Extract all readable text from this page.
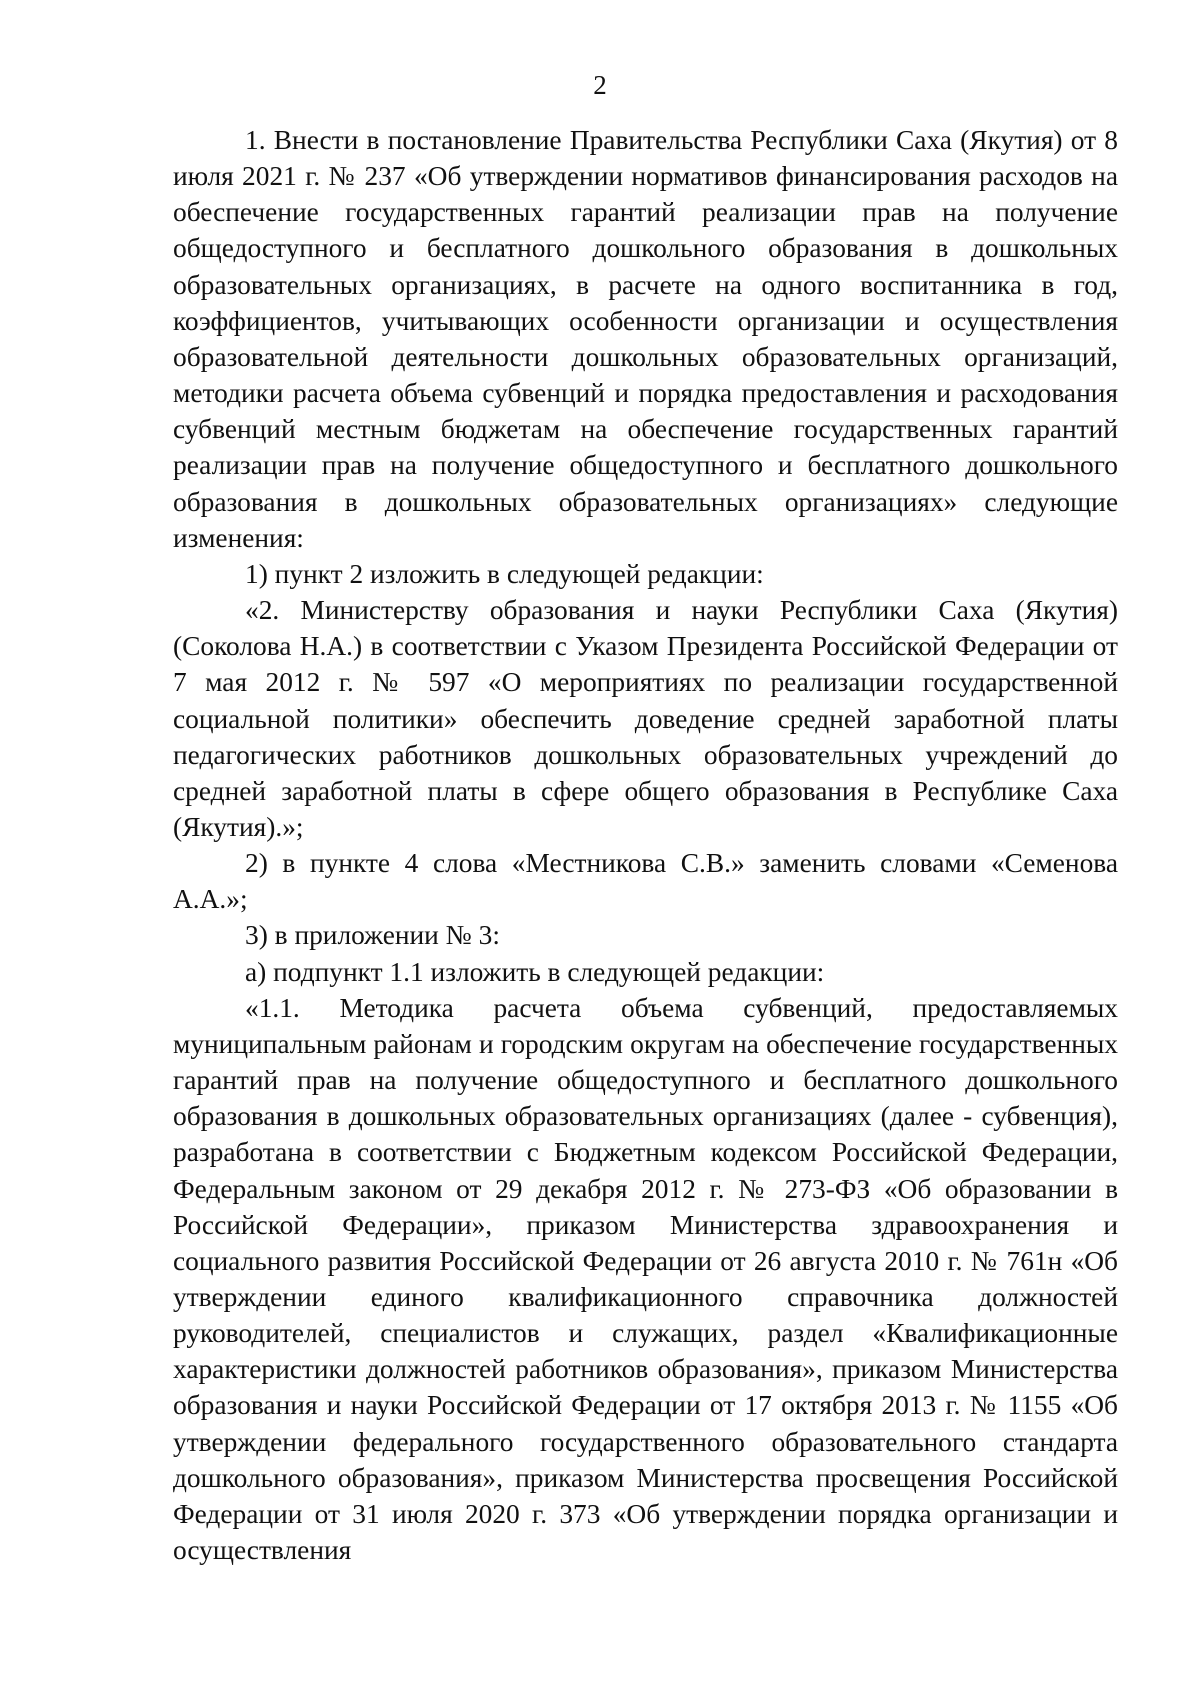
2

1. Внести в постановление Правительства Республики Саха (Якутия) от 8 июля 2021 г. № 237 «Об утверждении нормативов финансирования расходов на обеспечение государственных гарантий реализации прав на получение общедоступного и бесплатного дошкольного образования в дошкольных образовательных организациях, в расчете на одного воспитанника в год, коэффициентов, учитывающих особенности организации и осуществления образовательной деятельности дошкольных образовательных организаций, методики расчета объема субвенций и порядка предоставления и расходования субвенций местным бюджетам на обеспечение государственных гарантий реализации прав на получение общедоступного и бесплатного дошкольного образования в дошкольных образовательных организациях» следующие изменения:

1) пункт 2 изложить в следующей редакции:

«2. Министерству образования и науки Республики Саха (Якутия) (Соколова Н.А.) в соответствии с Указом Президента Российской Федерации от 7 мая 2012 г. № 597 «О мероприятиях по реализации государственной социальной политики» обеспечить доведение средней заработной платы педагогических работников дошкольных образовательных учреждений до средней заработной платы в сфере общего образования в Республике Саха (Якутия).»;

2) в пункте 4 слова «Местникова С.В.» заменить словами «Семенова А.А.»;

3) в приложении № 3:

а) подпункт 1.1 изложить в следующей редакции:

«1.1. Методика расчета объема субвенций, предоставляемых муниципальным районам и городским округам на обеспечение государственных гарантий прав на получение общедоступного и бесплатного дошкольного образования в дошкольных образовательных организациях (далее - субвенция), разработана в соответствии с Бюджетным кодексом Российской Федерации, Федеральным законом от 29 декабря 2012 г. № 273-ФЗ «Об образовании в Российской Федерации», приказом Министерства здравоохранения и социального развития Российской Федерации от 26 августа 2010 г. № 761н «Об утверждении единого квалификационного справочника должностей руководителей, специалистов и служащих, раздел «Квалификационные характеристики должностей работников образования», приказом Министерства образования и науки Российской Федерации от 17 октября 2013 г. № 1155 «Об утверждении федерального государственного образовательного стандарта дошкольного образования», приказом Министерства просвещения Российской Федерации от 31 июля 2020 г. 373 «Об утверждении порядка организации и осуществления
